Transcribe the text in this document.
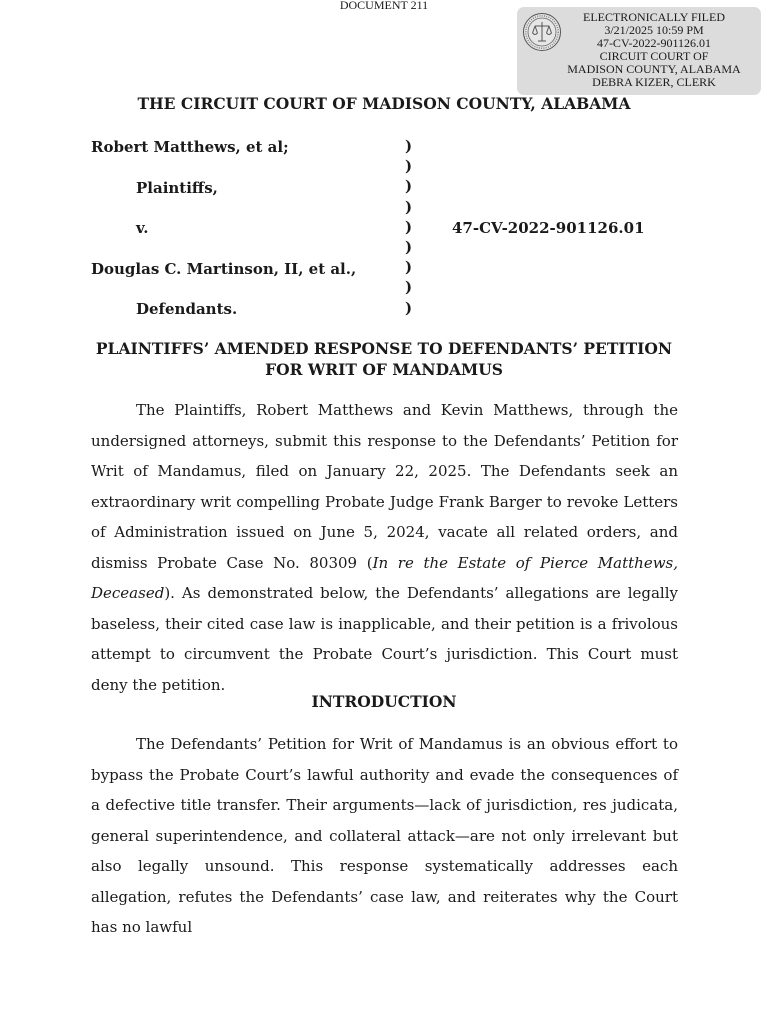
DOCUMENT 211
ELECTRONICALLY FILED
3/21/2025 10:59 PM
47-CV-2022-901126.01
CIRCUIT COURT OF
MADISON COUNTY, ALABAMA
DEBRA KIZER, CLERK
THE CIRCUIT COURT OF MADISON COUNTY, ALABAMA
Robert Matthews, et al;
Plaintiffs,
v.
Douglas C. Martinson, II, et al.,
Defendants.
)
)
)
)
)
)
)
)
)
47-CV-2022-901126.01
PLAINTIFFS’ AMENDED RESPONSE TO DEFENDANTS’ PETITION
FOR WRIT OF MANDAMUS

The Plaintiffs, Robert Matthews and Kevin Matthews, through the undersigned attorneys, submit this response to the Defendants’ Petition for Writ of Mandamus, filed on January 22, 2025. The Defendants seek an extraordinary writ compelling Probate Judge Frank Barger to revoke Letters of Administration issued on June 5, 2024, vacate all related orders, and dismiss Probate Case No. 80309 (In re the Estate of Pierce Matthews, Deceased). As demonstrated below, the Defendants’ allegations are legally baseless, their cited case law is inapplicable, and their petition is a frivolous attempt to circumvent the Probate Court’s jurisdiction. This Court must deny the petition.

INTRODUCTION

The Defendants’ Petition for Writ of Mandamus is an obvious effort to bypass the Probate Court’s lawful authority and evade the consequences of a defective title transfer. Their arguments—lack of jurisdiction, res judicata, general superintendence, and collateral attack—are not only irrelevant but also legally unsound. This response systematically addresses each allegation, refutes the Defendants’ case law, and reiterates why the Court has no lawful
